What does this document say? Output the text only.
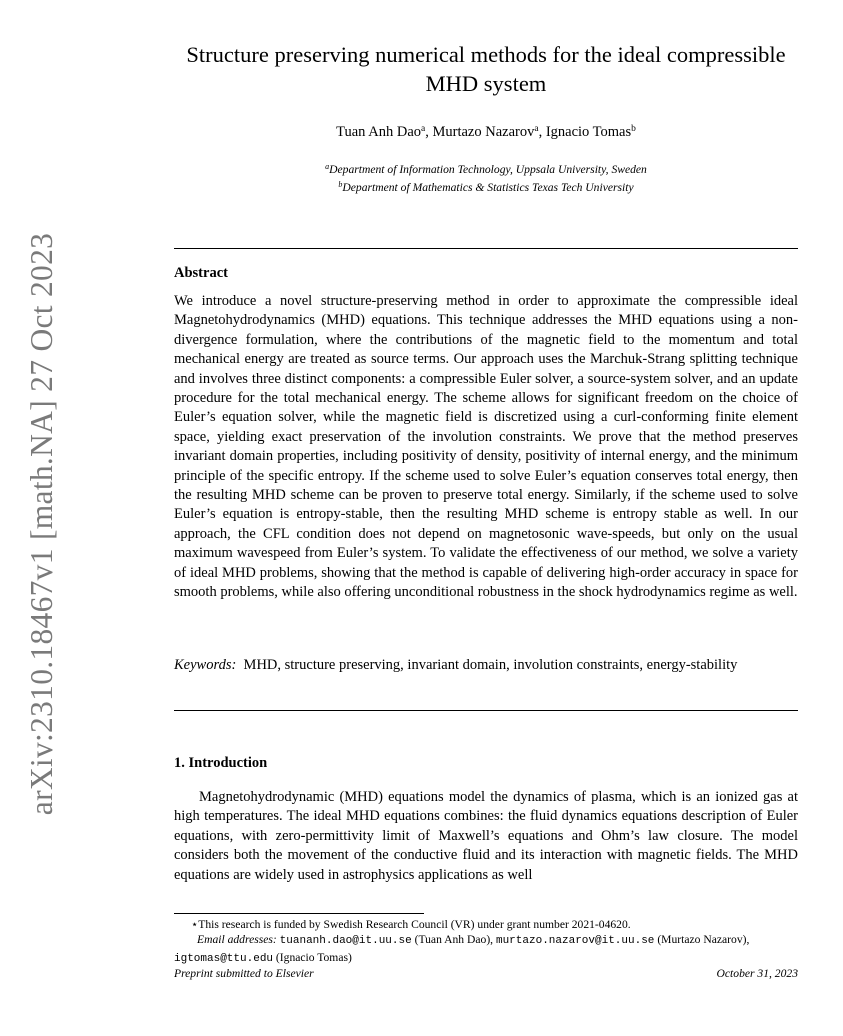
arXiv:2310.18467v1 [math.NA] 27 Oct 2023
Structure preserving numerical methods for the ideal compressible MHD system
Tuan Anh Dao$^a$, Murtazo Nazarov$^a$, Ignacio Tomas$^b$
$^a$Department of Information Technology, Uppsala University, Sweden
$^b$Department of Mathematics & Statistics Texas Tech University
Abstract
We introduce a novel structure-preserving method in order to approximate the compressible ideal Magnetohydrodynamics (MHD) equations. This technique addresses the MHD equations using a non-divergence formulation, where the contributions of the magnetic field to the momentum and total mechanical energy are treated as source terms. Our approach uses the Marchuk-Strang splitting technique and involves three distinct components: a compressible Euler solver, a source-system solver, and an update procedure for the total mechanical energy. The scheme allows for significant freedom on the choice of Euler’s equation solver, while the magnetic field is discretized using a curl-conforming finite element space, yielding exact preservation of the involution constraints. We prove that the method preserves invariant domain properties, including positivity of density, positivity of internal energy, and the minimum principle of the specific entropy. If the scheme used to solve Euler’s equation conserves total energy, then the resulting MHD scheme can be proven to preserve total energy. Similarly, if the scheme used to solve Euler’s equation is entropy-stable, then the resulting MHD scheme is entropy stable as well. In our approach, the CFL condition does not depend on magnetosonic wave-speeds, but only on the usual maximum wavespeed from Euler’s system. To validate the effectiveness of our method, we solve a variety of ideal MHD problems, showing that the method is capable of delivering high-order accuracy in space for smooth problems, while also offering unconditional robustness in the shock hydrodynamics regime as well.
Keywords: MHD, structure preserving, invariant domain, involution constraints, energy-stability
1. Introduction
Magnetohydrodynamic (MHD) equations model the dynamics of plasma, which is an ionized gas at high temperatures. The ideal MHD equations combines: the fluid dynamics equations description of Euler equations, with zero-permittivity limit of Maxwell’s equations and Ohm’s law closure. The model considers both the movement of the conductive fluid and its interaction with magnetic fields. The MHD equations are widely used in astrophysics applications as well
⋆This research is funded by Swedish Research Council (VR) under grant number 2021-04620.
Email addresses: tuananh.dao@it.uu.se (Tuan Anh Dao), murtazo.nazarov@it.uu.se (Murtazo Nazarov), igtomas@ttu.edu (Ignacio Tomas)
Preprint submitted to Elsevier	October 31, 2023
